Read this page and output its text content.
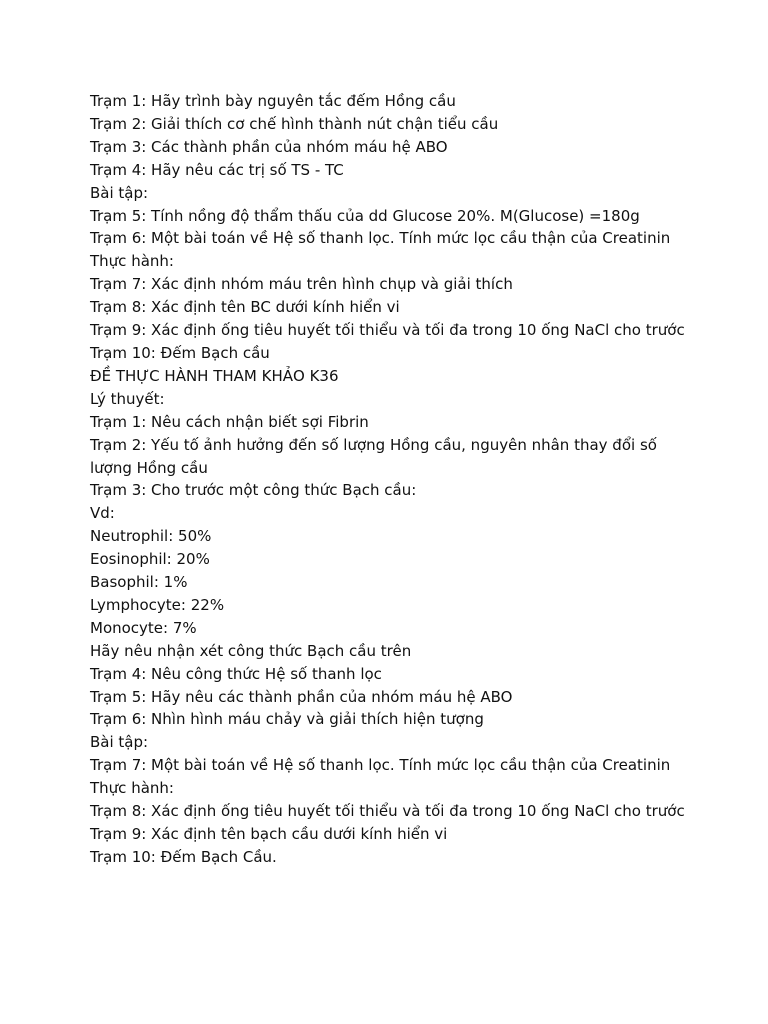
Trạm 1: Hãy trình bày nguyên tắc đếm Hồng cầu

Trạm 2: Giải thích cơ chế hình thành nút chận tiểu cầu

Trạm 3: Các thành phần của nhóm máu hệ ABO

Trạm 4: Hãy nêu các trị số TS - TC

Bài tập:

Trạm 5: Tính nồng độ thẩm thấu của dd Glucose 20%. M(Glucose) =180g

Trạm 6: Một bài toán về Hệ số thanh lọc. Tính mức lọc cầu thận của Creatinin

Thực hành:

Trạm 7: Xác định nhóm máu trên hình chụp và giải thích

Trạm 8: Xác định tên BC dưới kính hiển vi

Trạm 9: Xác định ống tiêu huyết tối thiểu và tối đa trong 10 ống NaCl cho trước

Trạm 10: Đếm Bạch cầu

ĐỀ THỰC HÀNH THAM KHẢO K36

Lý thuyết:

Trạm 1: Nêu cách nhận biết sợi Fibrin

Trạm 2: Yếu tố ảnh hưởng đến số lượng Hồng cầu, nguyên nhân thay đổi số lượng Hồng cầu

Trạm 3: Cho trước một công thức Bạch cầu:

Vd:

Neutrophil: 50%

Eosinophil: 20%

Basophil: 1%

Lymphocyte: 22%

Monocyte: 7%

Hãy nêu nhận xét công thức Bạch cầu trên

Trạm 4: Nêu công thức Hệ số thanh lọc

Trạm 5: Hãy nêu các thành phần của nhóm máu hệ ABO

Trạm 6: Nhìn hình máu chảy và giải thích hiện tượng

Bài tập:

Trạm 7: Một bài toán về Hệ số thanh lọc. Tính mức lọc cầu thận của Creatinin

Thực hành:

Trạm 8: Xác định ống tiêu huyết tối thiểu và tối đa trong 10 ống NaCl cho trước

Trạm 9: Xác định tên bạch cầu dưới kính hiển vi

Trạm 10: Đếm Bạch Cầu.
